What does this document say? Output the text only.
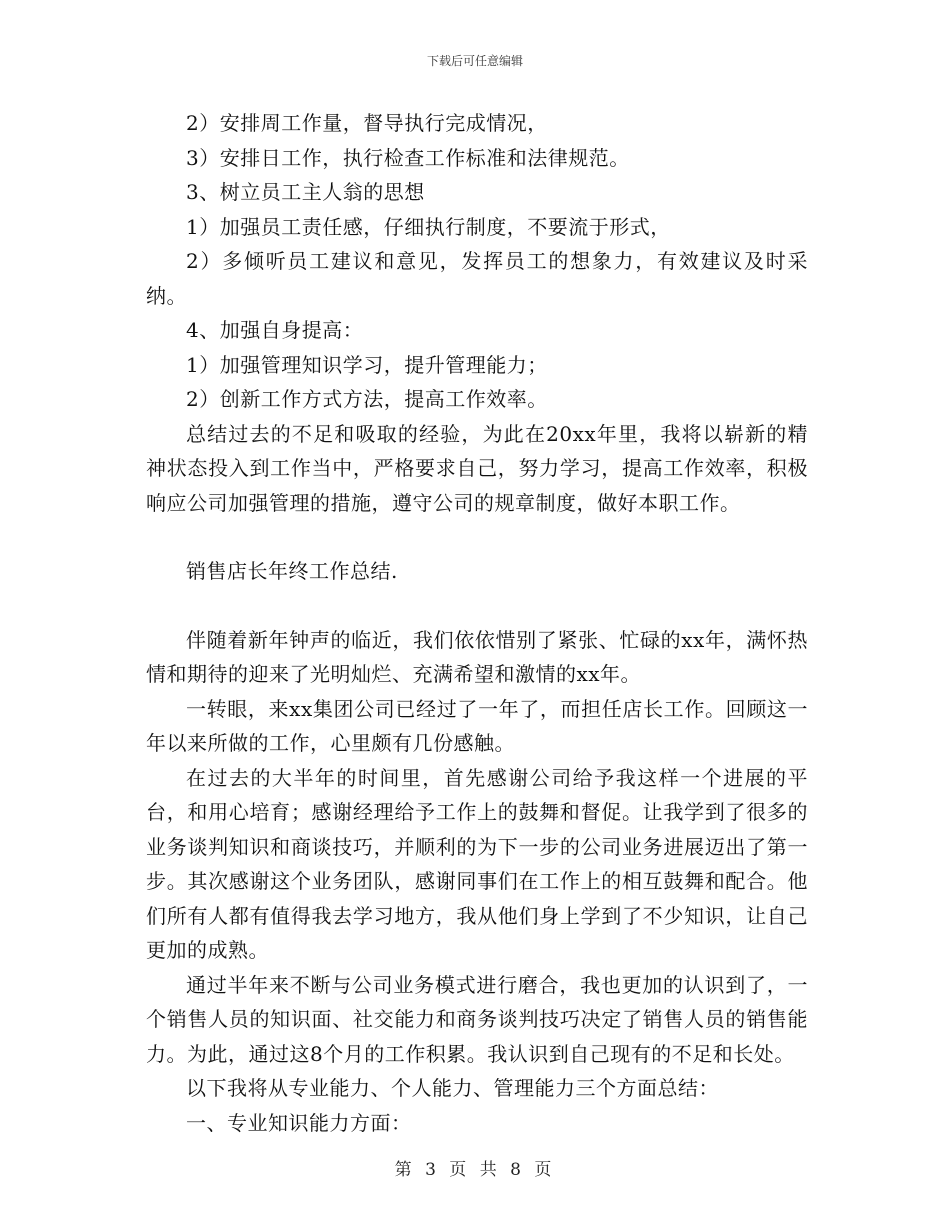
下载后可任意编辑

2）安排周工作量，督导执行完成情况，

3）安排日工作，执行检查工作标准和法律规范。

3、树立员工主人翁的思想

1）加强员工责任感，仔细执行制度，不要流于形式，

2）多倾听员工建议和意见，发挥员工的想象力，有效建议及时采纳。

4、加强自身提高：

1）加强管理知识学习，提升管理能力；

2）创新工作方式方法，提高工作效率。

总结过去的不足和吸取的经验，为此在20xx年里，我将以崭新的精神状态投入到工作当中，严格要求自己，努力学习，提高工作效率，积极响应公司加强管理的措施，遵守公司的规章制度，做好本职工作。

销售店长年终工作总结.

伴随着新年钟声的临近，我们依依惜别了紧张、忙碌的xx年，满怀热情和期待的迎来了光明灿烂、充满希望和激情的xx年。

一转眼，来xx集团公司已经过了一年了，而担任店长工作。回顾这一年以来所做的工作，心里颇有几份感触。

在过去的大半年的时间里，首先感谢公司给予我这样一个进展的平台，和用心培育；感谢经理给予工作上的鼓舞和督促。让我学到了很多的业务谈判知识和商谈技巧，并顺利的为下一步的公司业务进展迈出了第一步。其次感谢这个业务团队，感谢同事们在工作上的相互鼓舞和配合。他们所有人都有值得我去学习地方，我从他们身上学到了不少知识，让自己更加的成熟。

通过半年来不断与公司业务模式进行磨合，我也更加的认识到了，一个销售人员的知识面、社交能力和商务谈判技巧决定了销售人员的销售能力。为此，通过这8个月的工作积累。我认识到自己现有的不足和长处。

以下我将从专业能力、个人能力、管理能力三个方面总结：

一、专业知识能力方面：

第 3 页 共 8 页
